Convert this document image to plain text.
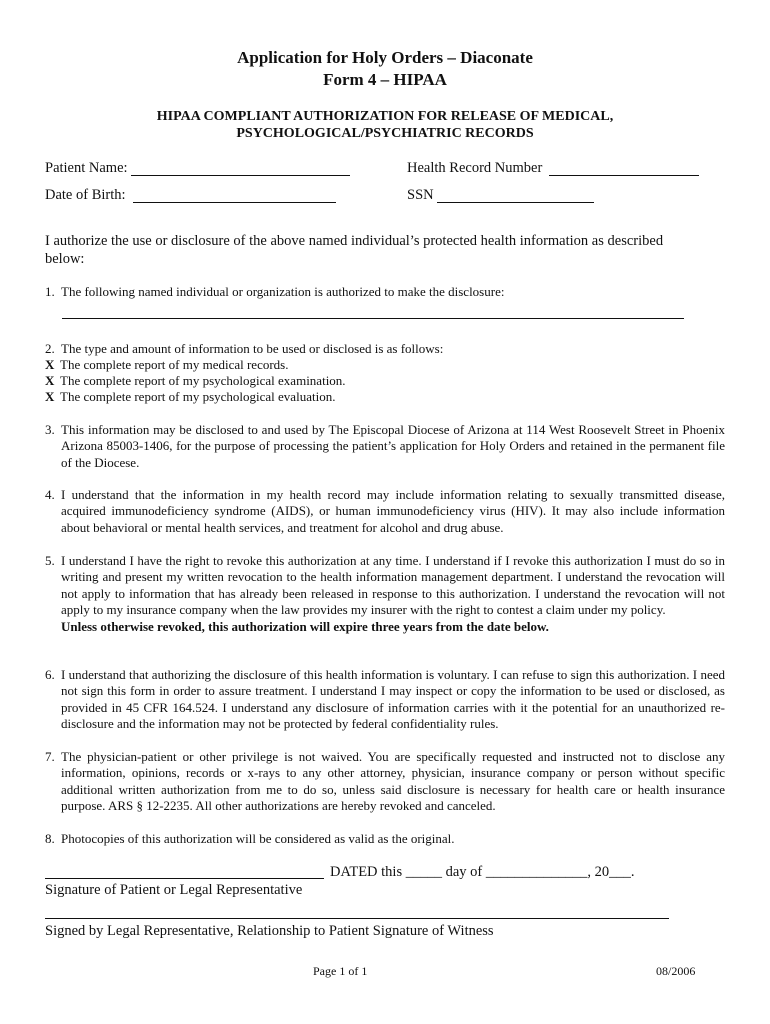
Application for Holy Orders – Diaconate
Form 4 – HIPAA
HIPAA COMPLIANT AUTHORIZATION FOR RELEASE OF MEDICAL,
PSYCHOLOGICAL/PSYCHIATRIC RECORDS
Patient Name:	Health Record Number
Date of Birth:	SSN
I authorize the use or disclosure of the above named individual’s protected health information as described below:
1. The following named individual or organization is authorized to make the disclosure:
2. The type and amount of information to be used or disclosed is as follows:
X The complete report of my medical records.
X The complete report of my psychological examination.
X The complete report of my psychological evaluation.
3. This information may be disclosed to and used by The Episcopal Diocese of Arizona at 114 West Roosevelt Street in Phoenix Arizona 85003-1406, for the purpose of processing the patient’s application for Holy Orders and retained in the permanent file of the Diocese.
4. I understand that the information in my health record may include information relating to sexually transmitted disease, acquired immunodeficiency syndrome (AIDS), or human immunodeficiency virus (HIV). It may also include information about behavioral or mental health services, and treatment for alcohol and drug abuse.
5. I understand I have the right to revoke this authorization at any time. I understand if I revoke this authorization I must do so in writing and present my written revocation to the health information management department. I understand the revocation will not apply to information that has already been released in response to this authorization. I understand the revocation will not apply to my insurance company when the law provides my insurer with the right to contest a claim under my policy.
Unless otherwise revoked, this authorization will expire three years from the date below.
6. I understand that authorizing the disclosure of this health information is voluntary. I can refuse to sign this authorization. I need not sign this form in order to assure treatment. I understand I may inspect or copy the information to be used or disclosed, as provided in 45 CFR 164.524. I understand any disclosure of information carries with it the potential for an unauthorized re-disclosure and the information may not be protected by federal confidentiality rules.
7. The physician-patient or other privilege is not waived. You are specifically requested and instructed not to disclose any information, opinions, records or x-rays to any other attorney, physician, insurance company or person without specific additional written authorization from me to do so, unless said disclosure is necessary for health care or health insurance purpose. ARS § 12-2235. All other authorizations are hereby revoked and canceled.
8. Photocopies of this authorization will be considered as valid as the original.
DATED this _____ day of ______________, 20___.
Signature of Patient or Legal Representative
Signed by Legal Representative, Relationship to Patient Signature of Witness
Page 1 of 1	08/2006
